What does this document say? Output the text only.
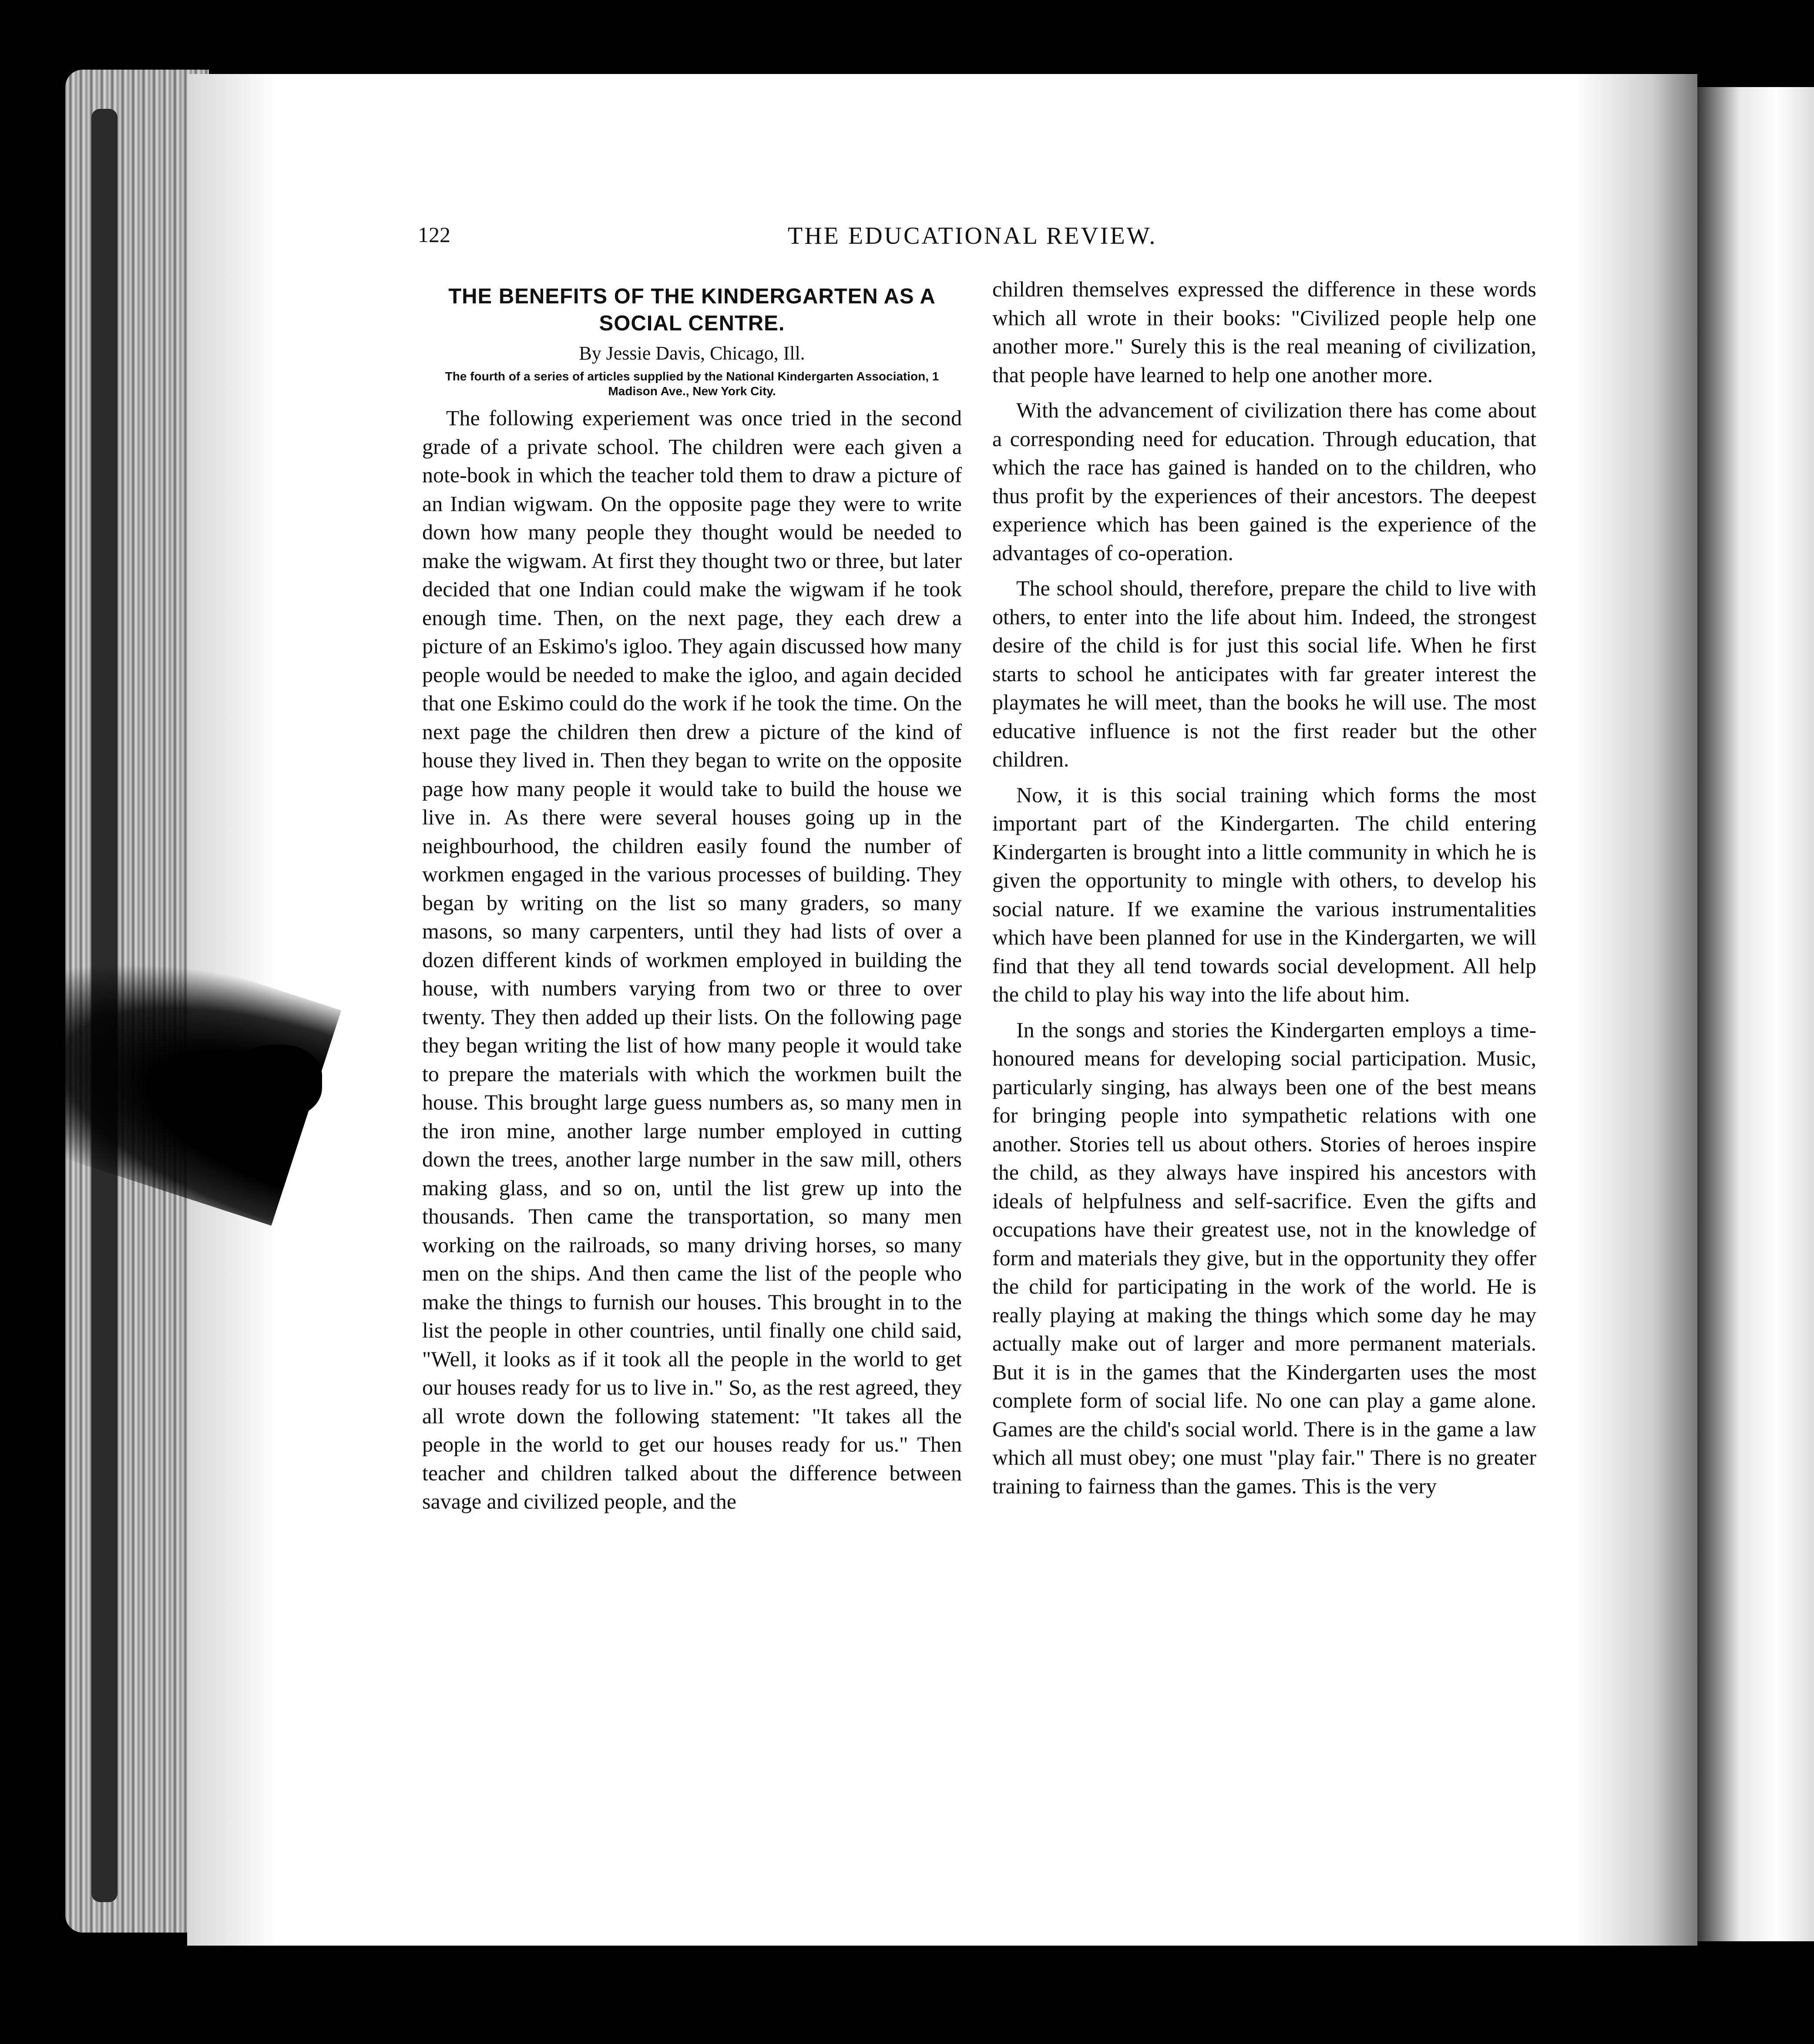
122	THE EDUCATIONAL REVIEW.
THE BENEFITS OF THE KINDERGARTEN AS A SOCIAL CENTRE.

By Jessie Davis, Chicago, Ill.

The fourth of a series of articles supplied by the National Kindergarten Association, 1 Madison Ave., New York City.

The following experiement was once tried in the second grade of a private school. The children were each given a note-book in which the teacher told them to draw a picture of an Indian wigwam. On the opposite page they were to write down how many people they thought would be needed to make the wigwam. At first they thought two or three, but later decided that one Indian could make the wigwam if he took enough time. Then, on the next page, they each drew a picture of an Eskimo's igloo. They again discussed how many people would be needed to make the igloo, and again decided that one Eskimo could do the work if he took the time. On the next page the children then drew a picture of the kind of house they lived in. Then they began to write on the opposite page how many people it would take to build the house we live in. As there were several houses going up in the neighbourhood, the children easily found the number of workmen engaged in the various processes of building. They began by writing on the list so many graders, so many masons, so many carpenters, until they had lists of over a dozen different kinds of workmen employed in building the house, with numbers varying from two or three to over twenty. They then added up their lists. On the following page they began writing the list of how many people it would take to prepare the materials with which the workmen built the house. This brought large guess numbers as, so many men in the iron mine, another large number employed in cutting down the trees, another large number in the saw mill, others making glass, and so on, until the list grew up into the thousands. Then came the transportation, so many men working on the railroads, so many driving horses, so many men on the ships. And then came the list of the people who make the things to furnish our houses. This brought in to the list the people in other countries, until finally one child said, "Well, it looks as if it took all the people in the world to get our houses ready for us to live in." So, as the rest agreed, they all wrote down the following statement: "It takes all the people in the world to get our houses ready for us." Then teacher and children talked about the difference between savage and civilized people, and the

children themselves expressed the difference in these words which all wrote in their books: "Civilized people help one another more." Surely this is the real meaning of civilization, that people have learned to help one another more.

With the advancement of civilization there has come about a corresponding need for education. Through education, that which the race has gained is handed on to the children, who thus profit by the experiences of their ancestors. The deepest experience which has been gained is the experience of the advantages of co-operation.

The school should, therefore, prepare the child to live with others, to enter into the life about him. Indeed, the strongest desire of the child is for just this social life. When he first starts to school he anticipates with far greater interest the playmates he will meet, than the books he will use. The most educative influence is not the first reader but the other children.

Now, it is this social training which forms the most important part of the Kindergarten. The child entering Kindergarten is brought into a little community in which he is given the opportunity to mingle with others, to develop his social nature. If we examine the various instrumentalities which have been planned for use in the Kindergarten, we will find that they all tend towards social development. All help the child to play his way into the life about him.

In the songs and stories the Kindergarten employs a time-honoured means for developing social participation. Music, particularly singing, has always been one of the best means for bringing people into sympathetic relations with one another. Stories tell us about others. Stories of heroes inspire the child, as they always have inspired his ancestors with ideals of helpfulness and self-sacrifice. Even the gifts and occupations have their greatest use, not in the knowledge of form and materials they give, but in the opportunity they offer the child for participating in the work of the world. He is really playing at making the things which some day he may actually make out of larger and more permanent materials. But it is in the games that the Kindergarten uses the most complete form of social life. No one can play a game alone. Games are the child's social world. There is in the game a law which all must obey; one must "play fair." There is no greater training to fairness than the games. This is the very
